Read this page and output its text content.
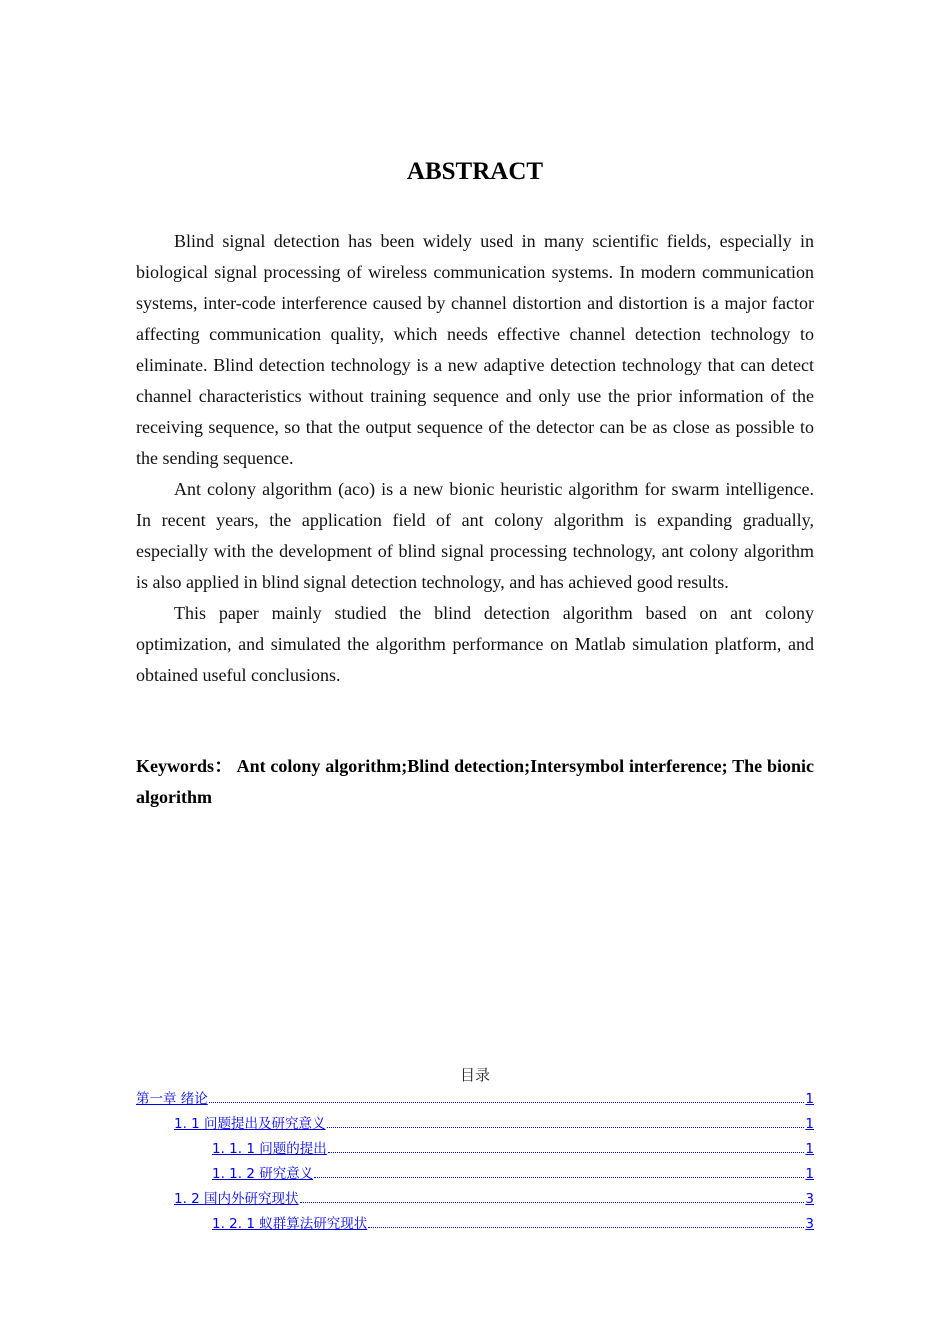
ABSTRACT

Blind signal detection has been widely used in many scientific fields, especially in biological signal processing of wireless communication systems. In modern communication systems, inter-code interference caused by channel distortion and distortion is a major factor affecting communication quality, which needs effective channel detection technology to eliminate. Blind detection technology is a new adaptive detection technology that can detect channel characteristics without training sequence and only use the prior information of the receiving sequence, so that the output sequence of the detector can be as close as possible to the sending sequence.

Ant colony algorithm (aco) is a new bionic heuristic algorithm for swarm intelligence. In recent years, the application field of ant colony algorithm is expanding gradually, especially with the development of blind signal processing technology, ant colony algorithm is also applied in blind signal detection technology, and has achieved good results.

This paper mainly studied the blind detection algorithm based on ant colony optimization, and simulated the algorithm performance on Matlab simulation platform, and obtained useful conclusions.

Keywords： Ant colony algorithm;Blind detection;Intersymbol interference; The bionic algorithm
目录
第一章 绪论	1
1. 1 问题提出及研究意义	1
1. 1. 1 问题的提出	1
1. 1. 2 研究意义	1
1. 2 国内外研究现状	3
1. 2. 1 蚁群算法研究现状	3
